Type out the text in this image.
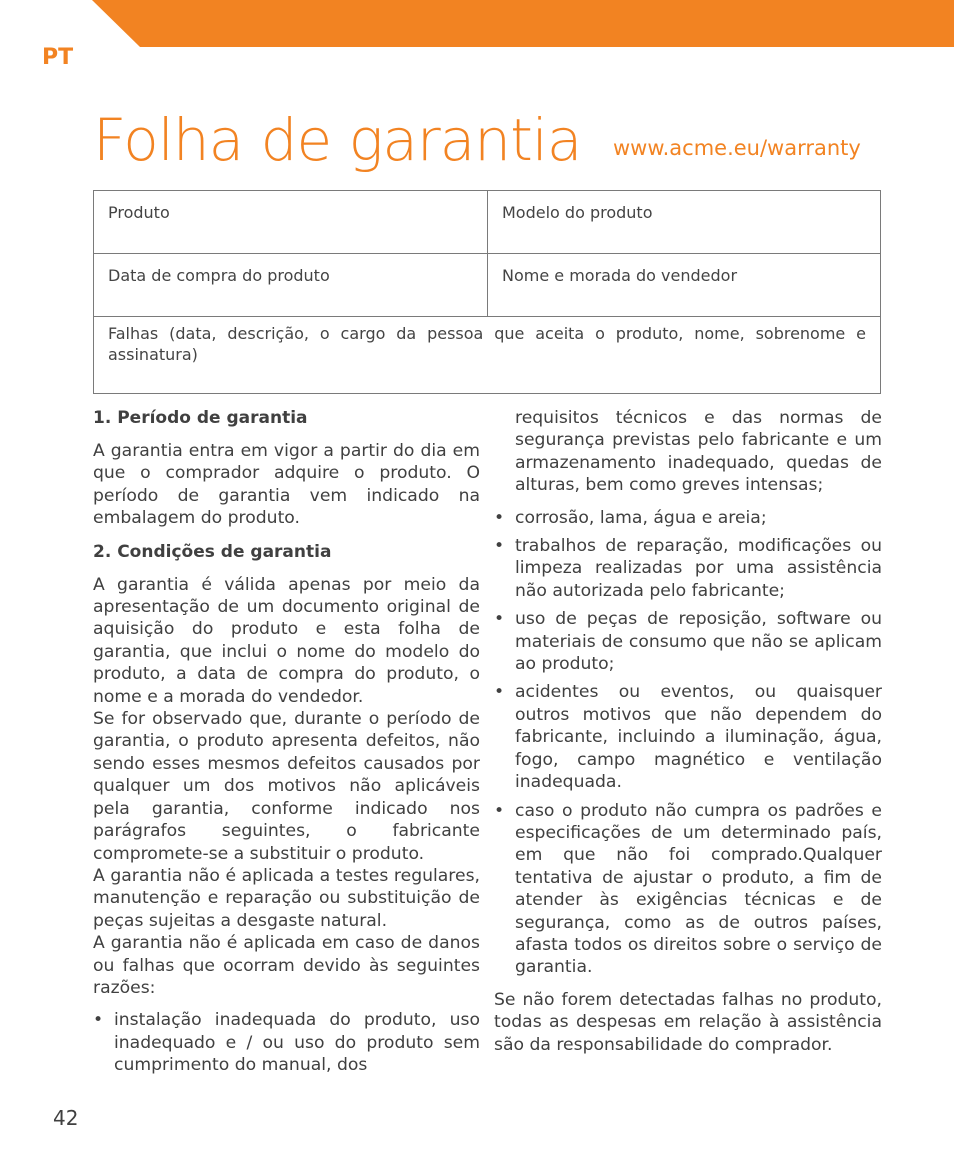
PT
Folha de garantia www.acme.eu/warranty
Produto	Modelo do produto
Data de compra do produto	Nome e morada do vendedor
Falhas (data, descrição, o cargo da pessoa que aceita o produto, nome, sobrenome e assinatura)
1. Período de garantia

A garantia entra em vigor a partir do dia em que o comprador adquire o produto. O período de garantia vem indicado na embalagem do produto.

2. Condições de garantia

A garantia é válida apenas por meio da apresentação de um documento original de aquisição do produto e esta folha de garantia, que inclui o nome do modelo do produto, a data de compra do produto, o nome e a morada do vendedor.

Se for observado que, durante o período de garantia, o produto apresenta defeitos, não sendo esses mesmos defeitos causados por qualquer um dos motivos não aplicáveis pela garantia, conforme indicado nos parágrafos seguintes, o fabricante compromete-se a substituir o produto.

A garantia não é aplicada a testes regulares, manutenção e reparação ou substituição de peças sujeitas a desgaste natural.

A garantia não é aplicada em caso de danos ou falhas que ocorram devido às seguintes razões:

• instalação inadequada do produto, uso inadequado e / ou uso do produto sem cumprimento do manual, dos

requisitos técnicos e das normas de segurança previstas pelo fabricante e um armazenamento inadequado, quedas de alturas, bem como greves intensas;

• corrosão, lama, água e areia;
• trabalhos de reparação, modificações ou limpeza realizadas por uma assistência não autorizada pelo fabricante;
• uso de peças de reposição, software ou materiais de consumo que não se aplicam ao produto;
• acidentes ou eventos, ou quaisquer outros motivos que não dependem do fabricante, incluindo a iluminação, água, fogo, campo magnético e ventilação inadequada.
• caso o produto não cumpra os padrões e especificações de um determinado país, em que não foi comprado.Qualquer tentativa de ajustar o produto, a fim de atender às exigências técnicas e de segurança, como as de outros países, afasta todos os direitos sobre o serviço de garantia.

Se não forem detectadas falhas no produto, todas as despesas em relação à assistência são da responsabilidade do comprador.

42
